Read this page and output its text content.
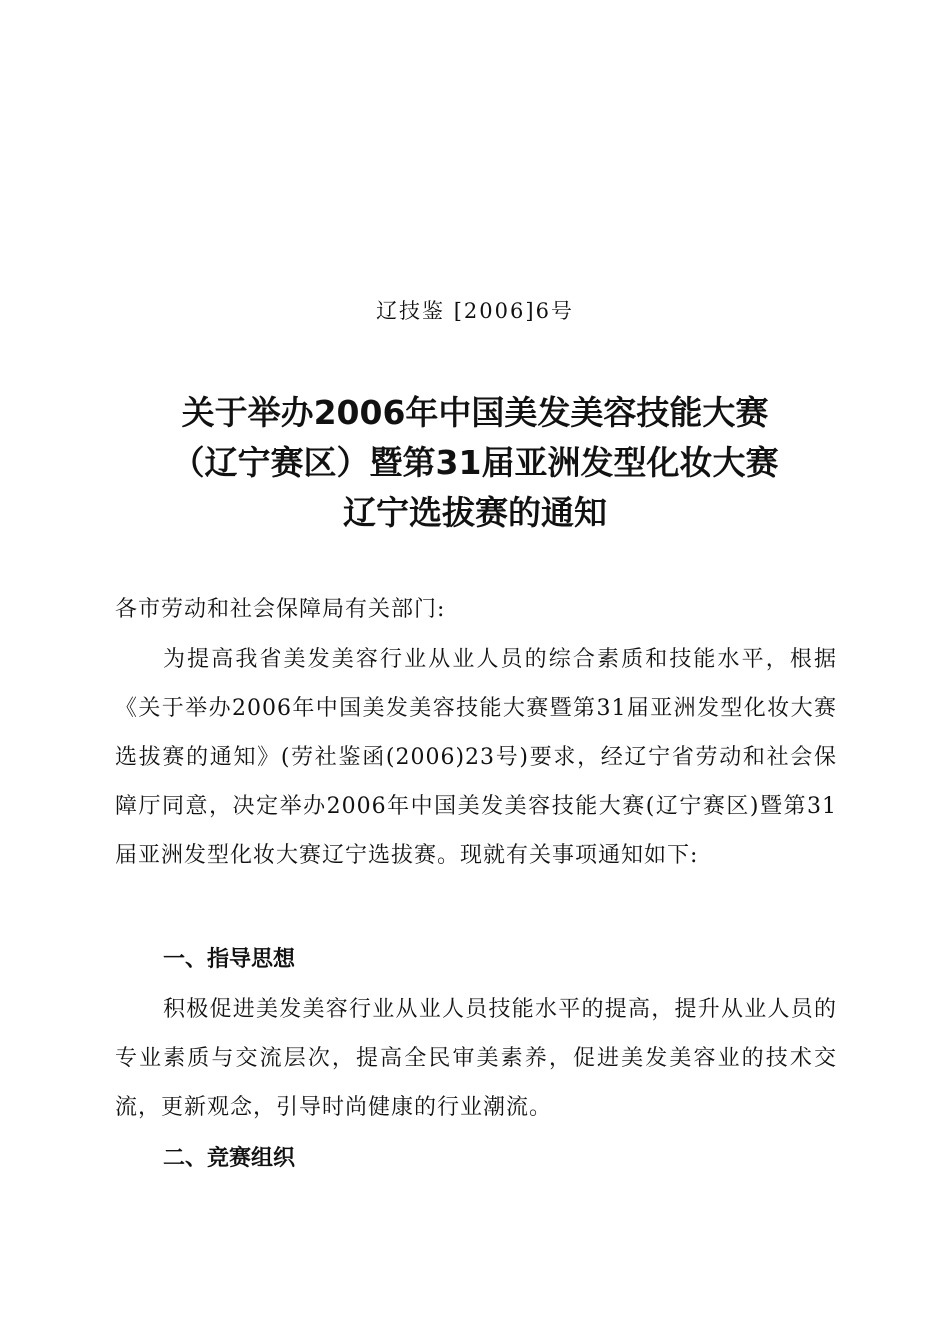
辽技鉴 [2006]6号
关于举办2006年中国美发美容技能大赛
（辽宁赛区）暨第31届亚洲发型化妆大赛
辽宁选拔赛的通知
各市劳动和社会保障局有关部门:
为提高我省美发美容行业从业人员的综合素质和技能水平，根据《关于举办2006年中国美发美容技能大赛暨第31届亚洲发型化妆大赛选拔赛的通知》(劳社鉴函(2006)23号)要求，经辽宁省劳动和社会保障厅同意，决定举办2006年中国美发美容技能大赛(辽宁赛区)暨第31届亚洲发型化妆大赛辽宁选拔赛。现就有关事项通知如下:
一、指导思想
积极促进美发美容行业从业人员技能水平的提高，提升从业人员的专业素质与交流层次，提高全民审美素养，促进美发美容业的技术交流，更新观念，引导时尚健康的行业潮流。
二、竞赛组织
